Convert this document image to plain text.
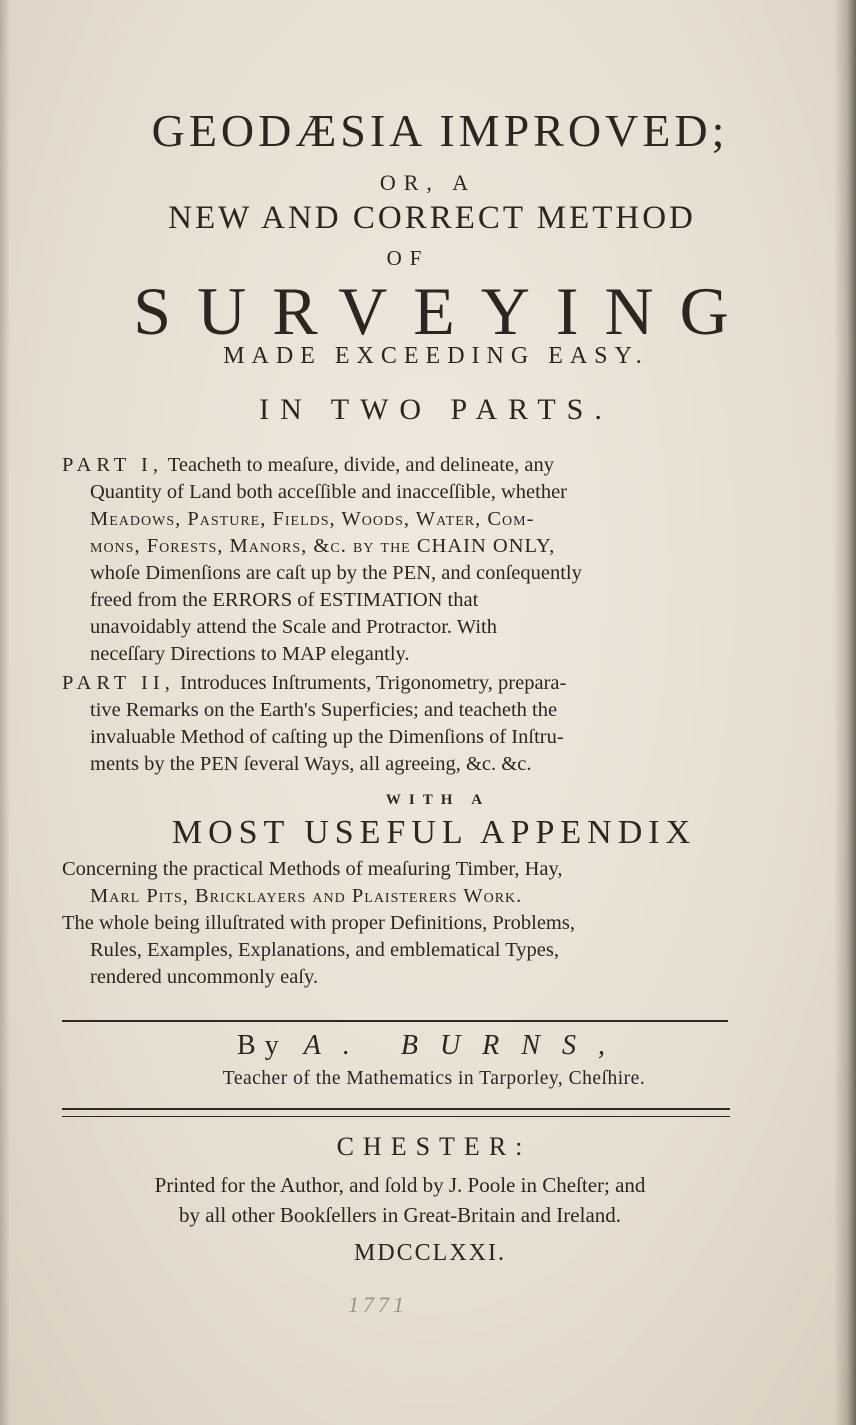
GEODÆSIA IMPROVED;
OR, A
NEW AND CORRECT METHOD
OF
SURVEYING
MADE EXCEEDING EASY.
IN TWO PARTS.
PART I, Teacheth to meaſure, divide, and delineate, any
Quantity of Land both acceſſible and inacceſſible, whether
Meadows, Pasture, Fields, Woods, Water, Com-
mons, Forests, Manors, &c. by the CHAIN ONLY,
whoſe Dimenſions are caſt up by the PEN, and conſequently
freed from the ERRORS of ESTIMATION that
unavoidably attend the Scale and Protractor. With
neceſſary Directions to MAP elegantly.
PART II, Introduces Inſtruments, Trigonometry, prepara-
tive Remarks on the Earth's Superficies; and teacheth the
invaluable Method of caſting up the Dimenſions of Inſtru-
ments by the PEN ſeveral Ways, all agreeing, &c. &c.
WITH A
MOST USEFUL APPENDIX
Concerning the practical Methods of meaſuring Timber, Hay,
Marl Pits, Bricklayers and Plaisterers Work.
The whole being illuſtrated with proper Definitions, Problems,
Rules, Examples, Explanations, and emblematical Types,
rendered uncommonly eaſy.
By A. BURNS,
Teacher of the Mathematics in Tarporley, Cheſhire.
CHESTER:
Printed for the Author, and ſold by J. Poole in Cheſter; and
by all other Bookſellers in Great-Britain and Ireland.
MDCCLXXI.
1771
